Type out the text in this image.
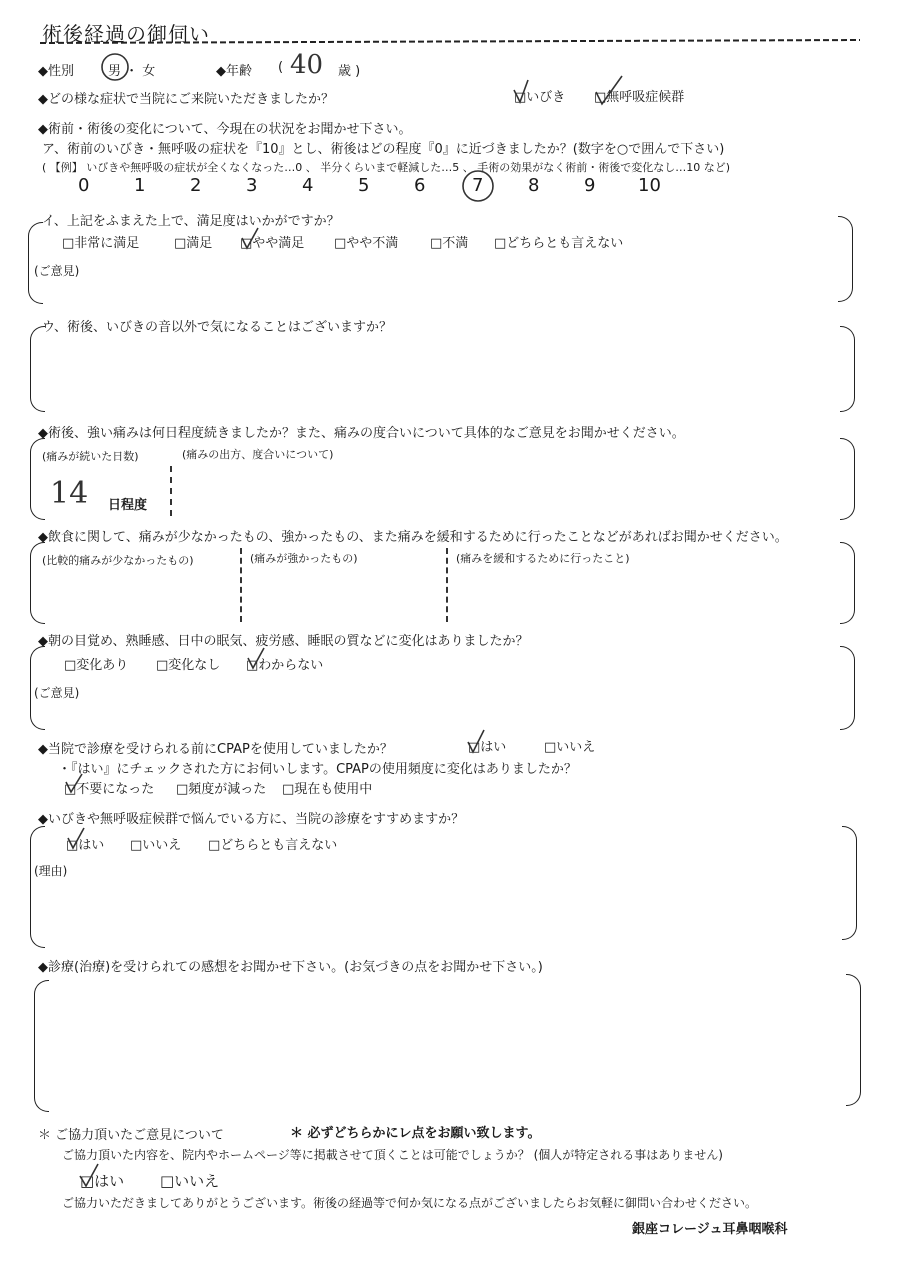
術後経過の御伺い
◆性別	男 ・ 女	◆年齢 ( 40 歳 )
◆どの様な症状で当院にご来院いただきましたか？	□いびき □無呼吸症候群
◆術前・術後の変化について、今現在の状況をお聞かせ下さい。
ア、術前のいびき・無呼吸の症状を『10』とし、術後はどの程度『0』に近づきましたか？(数字を○で囲んで下さい)
( 【例】 いびきや無呼吸の症状が全くなくなった…0 、 半分くらいまで軽減した…5 、 手術の効果がなく術前・術後で変化なし…10 など)
0 1 2 3 4 5 6	7 8 9 10
イ、上記をふまえた上で、満足度はいかがですか？
□非常に満足	□満足 □やや満足 □やや不満 □不満 □どちらとも言えない
(ご意見)
ウ、術後、いびきの音以外で気になることはございますか？
◆術後、強い痛みは何日程度続きましたか？また、痛みの度合いについて具体的なご意見をお聞かせください。
(痛みが続いた日数)	(痛みの出方、度合いについて)
14 日程度
◆飲食に関して、痛みが少なかったもの、強かったもの、また痛みを緩和するために行ったことなどがあればお聞かせください。
(比較的痛みが少なかったもの)	(痛みが強かったもの)	(痛みを緩和するために行ったこと)
◆朝の目覚め、熟睡感、日中の眠気、疲労感、睡眠の質などに変化はありましたか？
□変化あり □変化なし □わからない
(ご意見)
◆当院で診療を受けられる前にCPAPを使用していましたか？	□はい	□いいえ
・『はい』にチェックされた方にお伺いします。CPAPの使用頻度に変化はありましたか？
□不要になった □頻度が減った □現在も使用中
◆いびきや無呼吸症候群で悩んでいる方に、当院の診療をすすめますか？
□はい □いいえ □どちらとも言えない
(理由)
◆診療(治療)を受けられての感想をお聞かせ下さい。(お気づきの点をお聞かせ下さい。)
＊ ご協力頂いたご意見について	＊ 必ずどちらかにレ点をお願い致します。
ご協力頂いた内容を、院内やホームページ等に掲載させて頂くことは可能でしょうか？ (個人が特定される事はありません)
□はい □いいえ
ご協力いただきましてありがとうございます。術後の経過等で何か気になる点がございましたらお気軽に御問い合わせください。
銀座コレージュ耳鼻咽喉科
